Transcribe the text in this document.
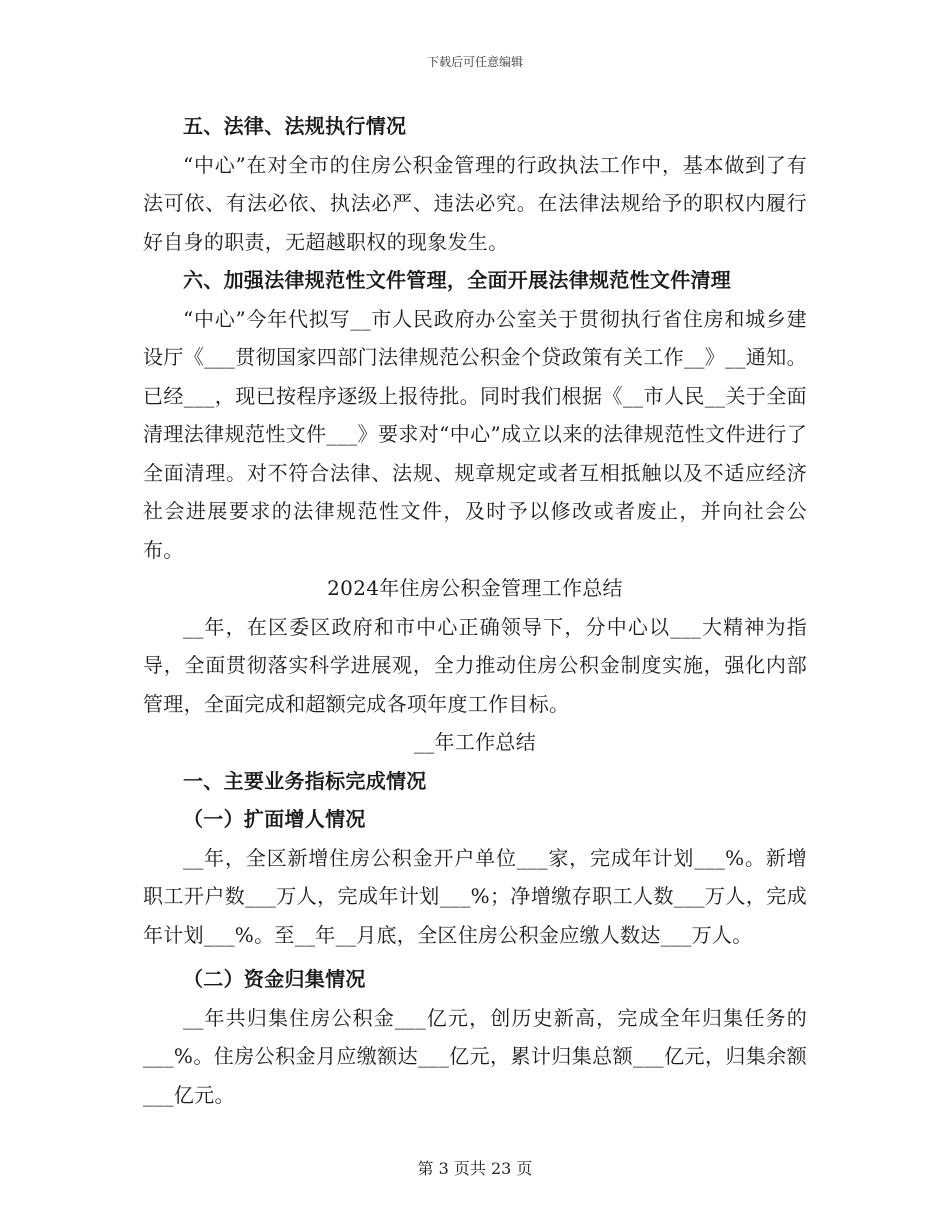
下载后可任意编辑

五、法律、法规执行情况

“中心”在对全市的住房公积金管理的行政执法工作中，基本做到了有法可依、有法必依、执法必严、违法必究。在法律法规给予的职权内履行好自身的职责，无超越职权的现象发生。

六、加强法律规范性文件管理，全面开展法律规范性文件清理

“中心”今年代拟写__市人民政府办公室关于贯彻执行省住房和城乡建设厅《___贯彻国家四部门法律规范公积金个贷政策有关工作__》__通知。已经___，现已按程序逐级上报待批。同时我们根据《__市人民__关于全面清理法律规范性文件___》要求对“中心”成立以来的法律规范性文件进行了全面清理。对不符合法律、法规、规章规定或者互相抵触以及不适应经济社会进展要求的法律规范性文件，及时予以修改或者废止，并向社会公布。

2024年住房公积金管理工作总结

__年，在区委区政府和市中心正确领导下，分中心以___大精神为指导，全面贯彻落实科学进展观，全力推动住房公积金制度实施，强化内部管理，全面完成和超额完成各项年度工作目标。

__年工作总结

一、主要业务指标完成情况

（一）扩面增人情况

__年，全区新增住房公积金开户单位___家，完成年计划___%。新增职工开户数___万人，完成年计划___%；净增缴存职工人数___万人，完成年计划___%。至__年__月底，全区住房公积金应缴人数达___万人。

（二）资金归集情况

__年共归集住房公积金___亿元，创历史新高，完成全年归集任务的___%。住房公积金月应缴额达___亿元，累计归集总额___亿元，归集余额___亿元。

第 3 页共 23 页
